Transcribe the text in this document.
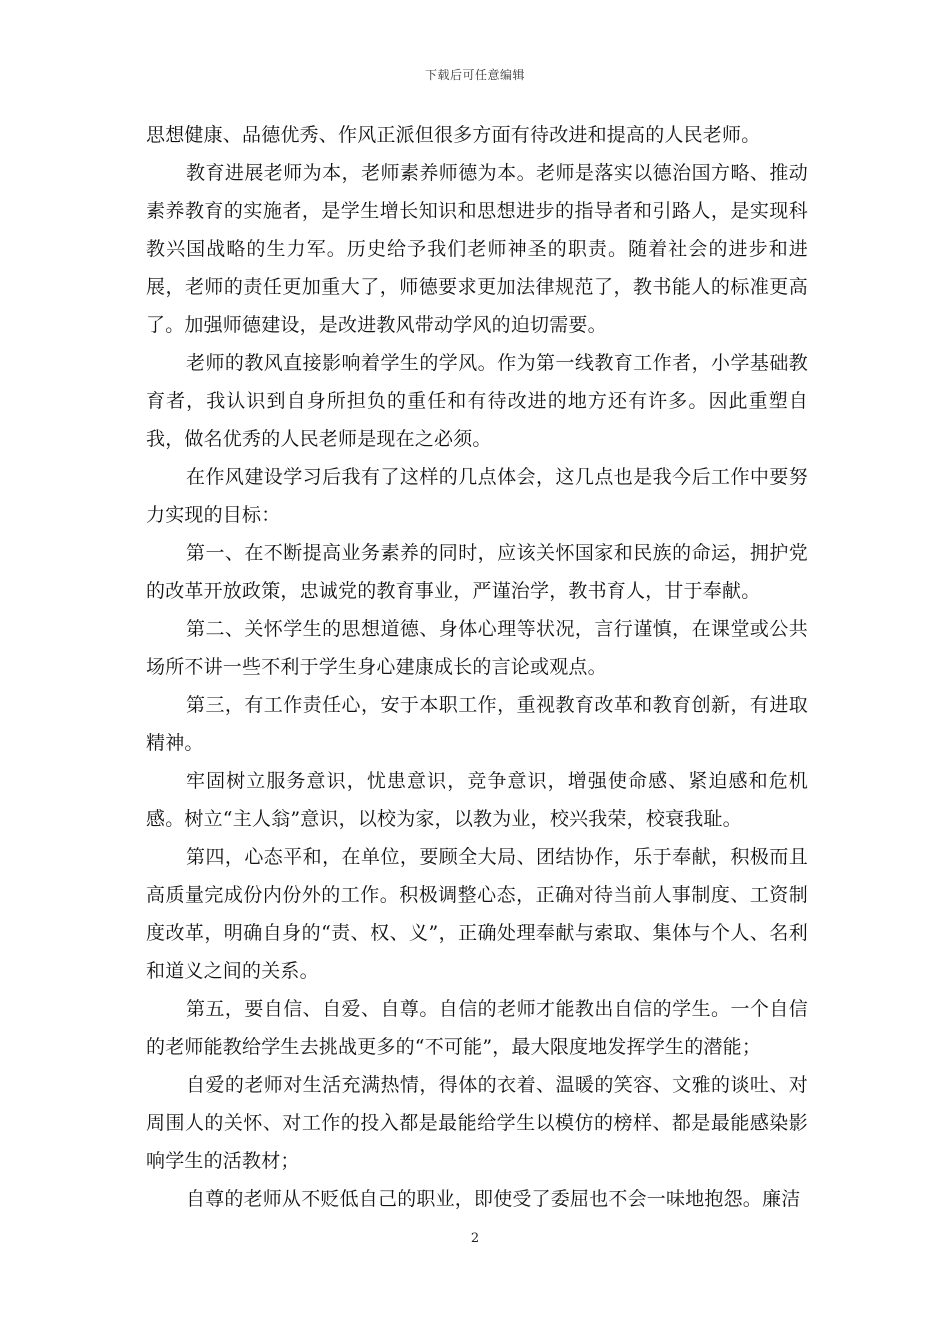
下载后可任意编辑

思想健康、品德优秀、作风正派但很多方面有待改进和提高的人民老师。

教育进展老师为本，老师素养师德为本。老师是落实以德治国方略、推动素养教育的实施者，是学生增长知识和思想进步的指导者和引路人，是实现科教兴国战略的生力军。历史给予我们老师神圣的职责。随着社会的进步和进展，老师的责任更加重大了，师德要求更加法律规范了，教书能人的标准更高了。加强师德建设，是改进教风带动学风的迫切需要。

老师的教风直接影响着学生的学风。作为第一线教育工作者，小学基础教育者，我认识到自身所担负的重任和有待改进的地方还有许多。因此重塑自我，做名优秀的人民老师是现在之必须。

在作风建设学习后我有了这样的几点体会，这几点也是我今后工作中要努力实现的目标：

第一、在不断提高业务素养的同时，应该关怀国家和民族的命运，拥护党的改革开放政策，忠诚党的教育事业，严谨治学，教书育人，甘于奉献。

第二、关怀学生的思想道德、身体心理等状况，言行谨慎，在课堂或公共场所不讲一些不利于学生身心建康成长的言论或观点。

第三，有工作责任心，安于本职工作，重视教育改革和教育创新，有进取精神。

牢固树立服务意识，忧患意识，竞争意识，增强使命感、紧迫感和危机感。树立“主人翁”意识，以校为家，以教为业，校兴我荣，校衰我耻。

第四，心态平和，在单位，要顾全大局、团结协作，乐于奉献，积极而且高质量完成份内份外的工作。积极调整心态，正确对待当前人事制度、工资制度改革，明确自身的“责、权、义”，正确处理奉献与索取、集体与个人、名利和道义之间的关系。

第五，要自信、自爱、自尊。自信的老师才能教出自信的学生。一个自信的老师能教给学生去挑战更多的“不可能”，最大限度地发挥学生的潜能；

自爱的老师对生活充满热情，得体的衣着、温暖的笑容、文雅的谈吐、对周围人的关怀、对工作的投入都是最能给学生以模仿的榜样、都是最能感染影响学生的活教材；

自尊的老师从不贬低自己的职业，即使受了委屈也不会一味地抱怨。廉洁

2
